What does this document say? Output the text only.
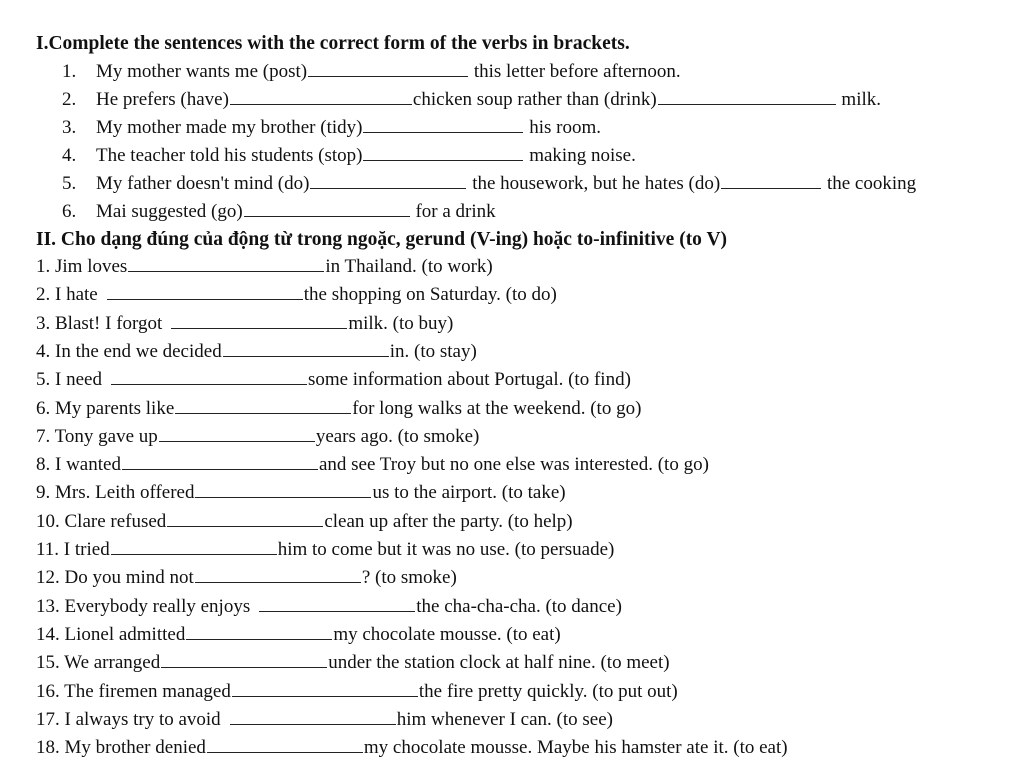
I.Complete the sentences with the correct form of the verbs in brackets.
1. My mother wants me (post)	this letter before afternoon.
2. He prefers (have)	chicken soup rather than (drink)	milk.
3. My mother made my brother (tidy)	his room.
4. The teacher told his students (stop)	making noise.
5. My father doesn't mind (do)	the housework, but he hates (do)	the cooking
6. Mai suggested (go)	for a drink
II. Cho dạng đúng của động từ trong ngoặc, gerund (V-ing) hoặc to-infinitive (to V)
1. Jim loves	in Thailand. (to work)
2. I hate	the shopping on Saturday. (to do)
3. Blast! I forgot	milk. (to buy)
4. In the end we decided	in. (to stay)
5. I need	some information about Portugal. (to find)
6. My parents like	for long walks at the weekend. (to go)
7. Tony gave up	years ago. (to smoke)
8. I wanted	and see Troy but no one else was interested. (to go)
9. Mrs. Leith offered	us to the airport. (to take)
10. Clare refused	clean up after the party. (to help)
11. I tried	him to come but it was no use. (to persuade)
12. Do you mind not	? (to smoke)
13. Everybody really enjoys	the cha-cha-cha. (to dance)
14. Lionel admitted	my chocolate mousse. (to eat)
15. We arranged	under the station clock at half nine. (to meet)
16. The firemen managed	the fire pretty quickly. (to put out)
17. I always try to avoid	him whenever I can. (to see)
18. My brother denied	my chocolate mousse. Maybe his hamster ate it. (to eat)
